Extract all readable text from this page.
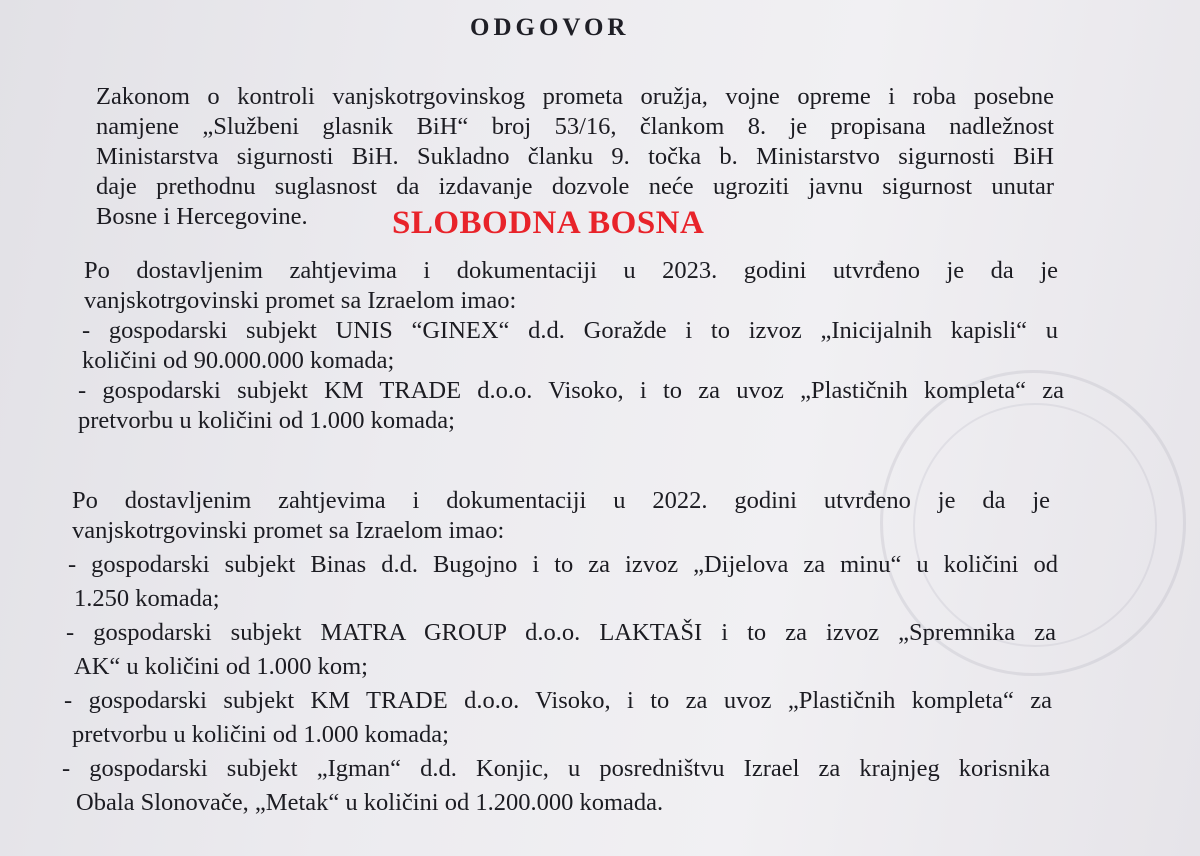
ODGOVOR
Zakonom o kontroli vanjskotrgovinskog prometa oružja, vojne opreme i roba posebne
namjene „Službeni glasnik BiH“ broj 53/16, člankom 8. je propisana nadležnost
Ministarstva sigurnosti BiH. Sukladno članku 9. točka b. Ministarstvo sigurnosti BiH
daje prethodnu suglasnost da izdavanje dozvole neće ugroziti javnu sigurnost unutar
Bosne i Hercegovine.	SLOBODNA BOSNA
Po dostavljenim zahtjevima i dokumentaciji u 2023. godini utvrđeno je da je
vanjskotrgovinski promet sa Izraelom imao:
- gospodarski subjekt UNIS “GINEX“ d.d. Goražde i to izvoz „Inicijalnih kapisli“ u
količini od 90.000.000 komada;
- gospodarski subjekt KM TRADE d.o.o. Visoko, i to za uvoz „Plastičnih kompleta“ za
pretvorbu u količini od 1.000 komada;
Po dostavljenim zahtjevima i dokumentaciji u 2022. godini utvrđeno je da je
vanjskotrgovinski promet sa Izraelom imao:
- gospodarski subjekt Binas d.d. Bugojno i to za izvoz „Dijelova za minu“ u količini od
1.250 komada;
- gospodarski subjekt MATRA GROUP d.o.o. LAKTAŠI i to za izvoz „Spremnika za
AK“ u količini od 1.000 kom;
- gospodarski subjekt KM TRADE d.o.o. Visoko, i to za uvoz „Plastičnih kompleta“ za
pretvorbu u količini od 1.000 komada;
- gospodarski subjekt „Igman“ d.d. Konjic, u posredništvu Izrael za krajnjeg korisnika
Obala Slonovače, „Metak“ u količini od 1.200.000 komada.
